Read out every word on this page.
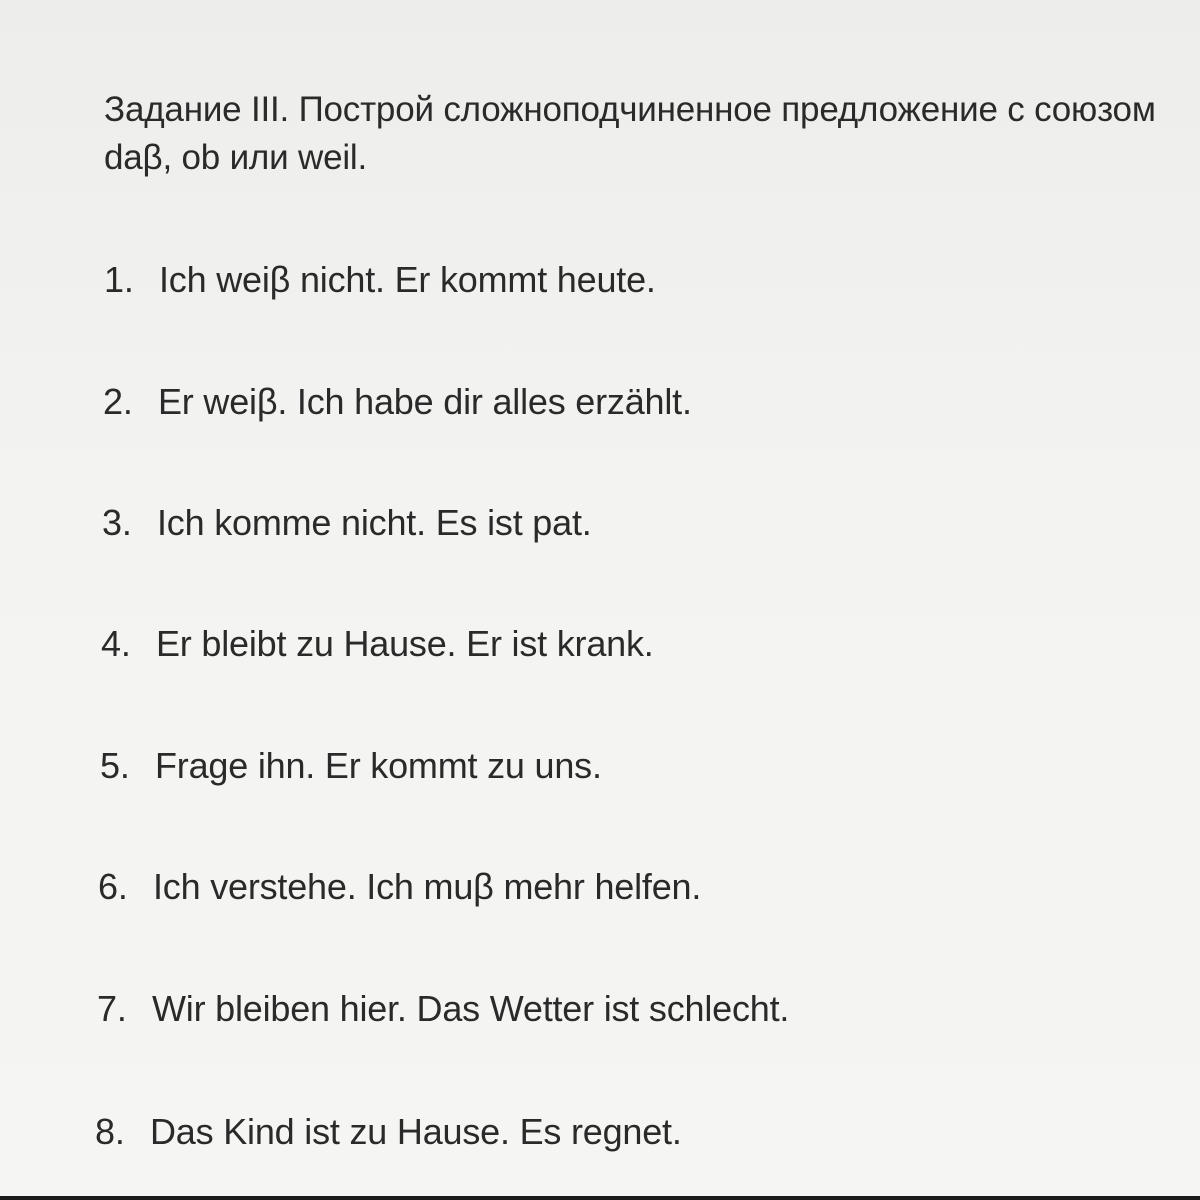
Задание III. Построй сложноподчиненное предложение с союзом daβ, ob или weil.

1. Ich weiβ nicht. Er kommt heute.
2. Er weiβ. Ich habe dir alles erzählt.
3. Ich komme nicht. Es ist pat.
4. Er bleibt zu Hause. Er ist krank.
5. Frage ihn. Er kommt zu uns.
6. Ich verstehe. Ich muβ mehr helfen.
7. Wir bleiben hier. Das Wetter ist schlecht.
8. Das Kind ist zu Hause. Es regnet.
